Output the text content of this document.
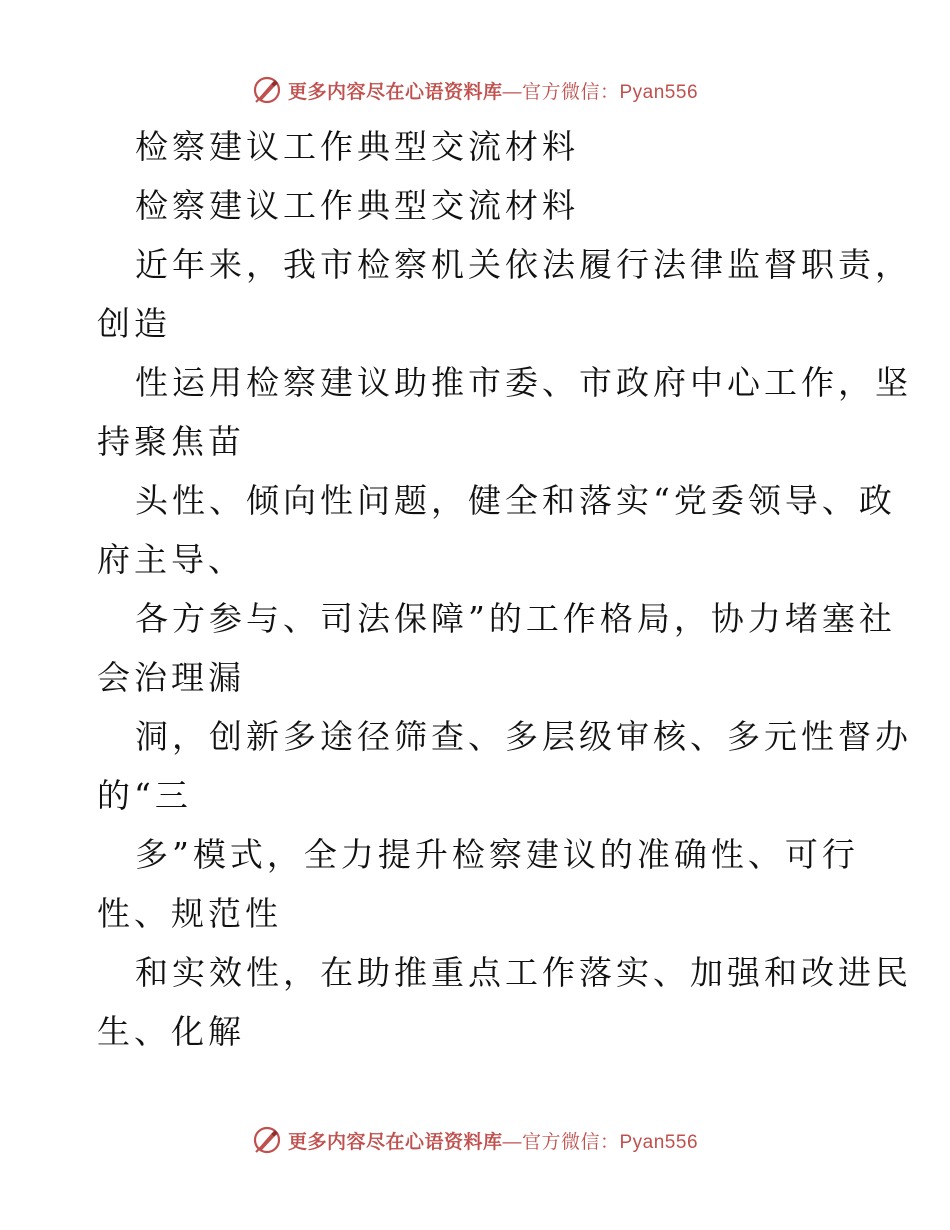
更多内容尽在心语资料库 —官方微信：Pyan556
检察建议工作典型交流材料
检察建议工作典型交流材料
近年来，我市检察机关依法履行法律监督职责，
创造
性运用检察建议助推市委、市政府中心工作，坚
持聚焦苗
头性、倾向性问题，健全和落实“党委领导、政
府主导、
各方参与、司法保障”的工作格局，协力堵塞社
会治理漏
洞，创新多途径筛查、多层级审核、多元性督办
的“三
多”模式，全力提升检察建议的准确性、可行
性、规范性
和实效性，在助推重点工作落实、加强和改进民
生、化解
更多内容尽在心语资料库 —官方微信：Pyan556
